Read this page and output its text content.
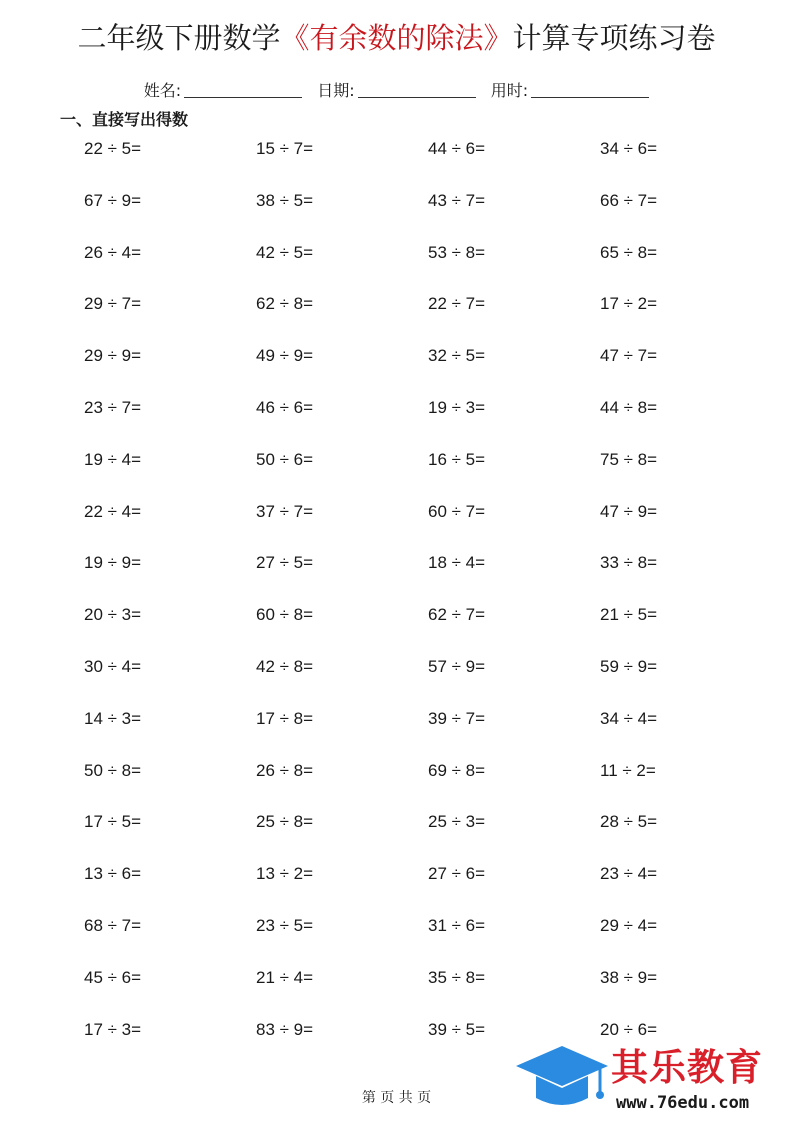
二年级下册数学《有余数的除法》计算专项练习卷
姓名:	日期:	用时:
一、直接写出得数
22 ÷ 5=	15 ÷ 7=	44 ÷ 6=	34 ÷ 6=
67 ÷ 9=	38 ÷ 5=	43 ÷ 7=	66 ÷ 7=
26 ÷ 4=	42 ÷ 5=	53 ÷ 8=	65 ÷ 8=
29 ÷ 7=	62 ÷ 8=	22 ÷ 7=	17 ÷ 2=
29 ÷ 9=	49 ÷ 9=	32 ÷ 5=	47 ÷ 7=
23 ÷ 7=	46 ÷ 6=	19 ÷ 3=	44 ÷ 8=
19 ÷ 4=	50 ÷ 6=	16 ÷ 5=	75 ÷ 8=
22 ÷ 4=	37 ÷ 7=	60 ÷ 7=	47 ÷ 9=
19 ÷ 9=	27 ÷ 5=	18 ÷ 4=	33 ÷ 8=
20 ÷ 3=	60 ÷ 8=	62 ÷ 7=	21 ÷ 5=
30 ÷ 4=	42 ÷ 8=	57 ÷ 9=	59 ÷ 9=
14 ÷ 3=	17 ÷ 8=	39 ÷ 7=	34 ÷ 4=
50 ÷ 8=	26 ÷ 8=	69 ÷ 8=	11 ÷ 2=
17 ÷ 5=	25 ÷ 8=	25 ÷ 3=	28 ÷ 5=
13 ÷ 6=	13 ÷ 2=	27 ÷ 6=	23 ÷ 4=
68 ÷ 7=	23 ÷ 5=	31 ÷ 6=	29 ÷ 4=
45 ÷ 6=	21 ÷ 4=	35 ÷ 8=	38 ÷ 9=
17 ÷ 3=	83 ÷ 9=	39 ÷ 5=	20 ÷ 6=
第 页 共 页
其乐教育
www.76edu.com
